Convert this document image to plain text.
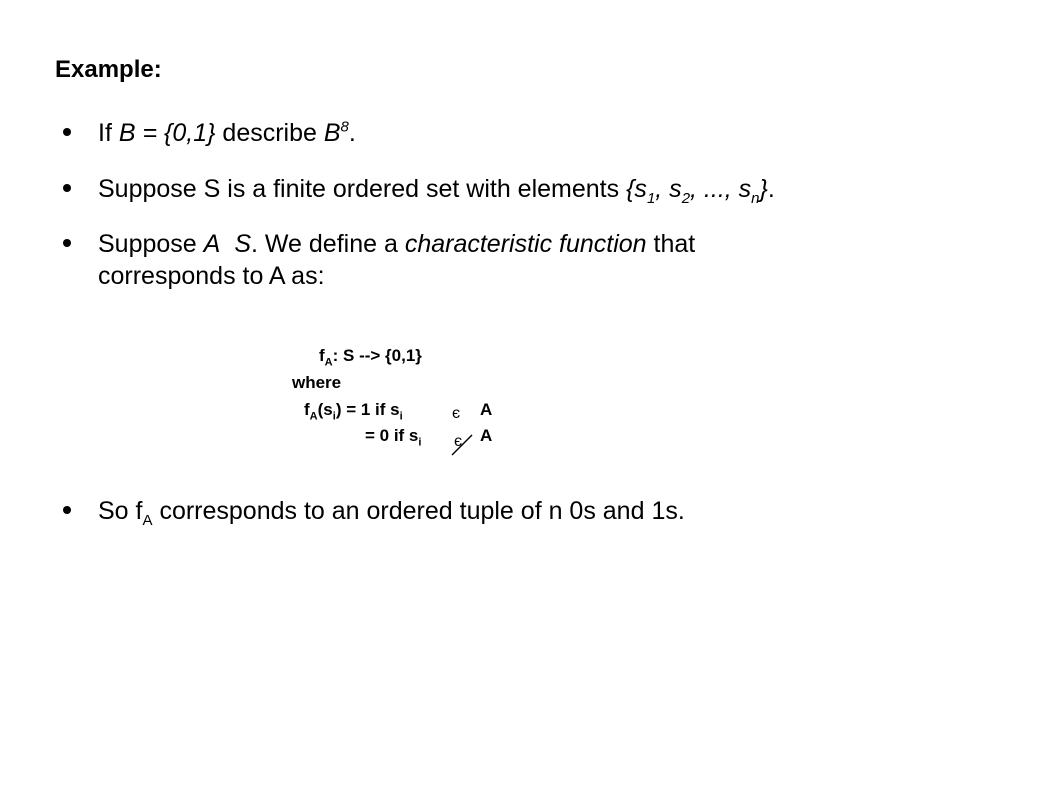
Example:
If B = {0,1} describe $B^8$.
Suppose S is a finite ordered set with elements {$s_1$, $s_2$, ..., $s_n$}.
Suppose A S. We define a characteristic function that
corresponds to A as:
$f_A$: S --> {0,1}
where
$f_A(s_i) = 1$ if $s_i$	є A
= 0 if $s_i$ є A
So $f_A$ corresponds to an ordered tuple of n 0s and 1s.
